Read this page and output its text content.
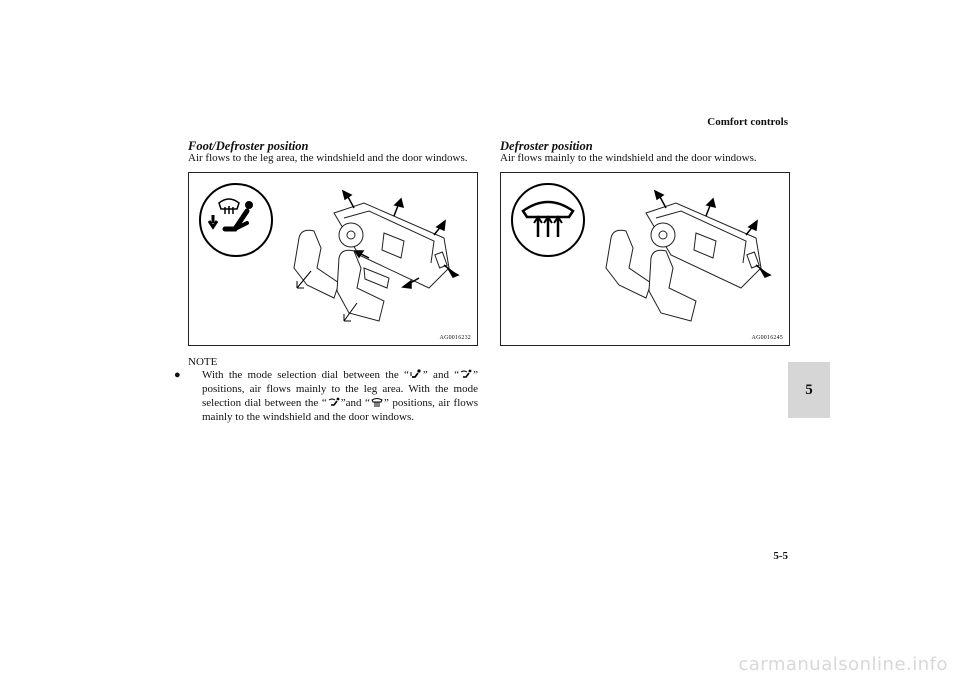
Comfort controls
Foot/Defroster position
Air flows to the leg area, the windshield and the door windows.
AG0016232
NOTE
● With the mode selection dial between the “ ” and “ ” positions, air flows mainly to the leg area. With the mode selection dial between the “ ”and “ ” positions, air flows mainly to the windshield and the door windows.
Defroster position
Air flows mainly to the windshield and the door windows.
AG0016245
5
5-5
carmanualsonline.info
